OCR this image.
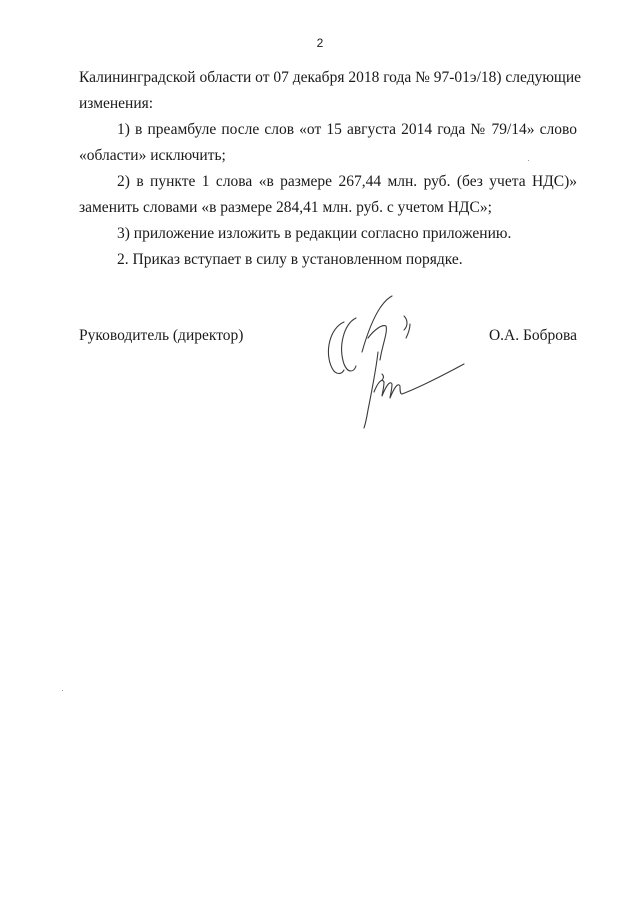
2
Калининградской области от 07 декабря 2018 года № 97-01э/18) следующие
изменения:
1) в преамбуле после слов «от 15 августа 2014 года № 79/14» слово
«области» исключить;
2) в пункте 1 слова «в размере 267,44 млн. руб. (без учета НДС)»
заменить словами «в размере 284,41 млн. руб. с учетом НДС»;
3) приложение изложить в редакции согласно приложению.
2. Приказ вступает в силу в установленном порядке.
Руководитель (директор)	О.А. Боброва
